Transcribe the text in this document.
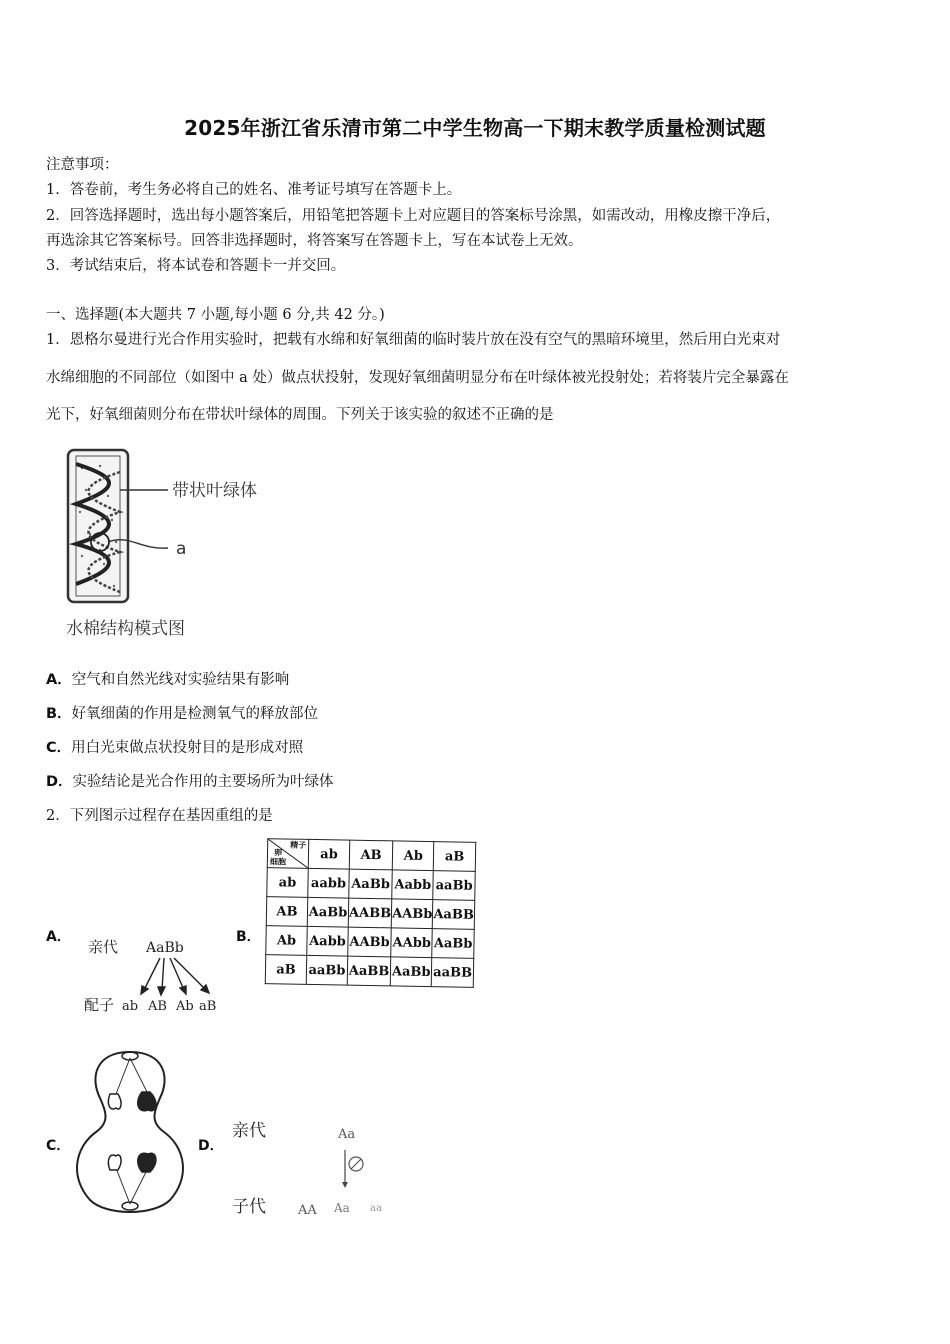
2025年浙江省乐清市第二中学生物高一下期末教学质量检测试题
注意事项：
1．答卷前，考生务必将自己的姓名、准考证号填写在答题卡上。
2．回答选择题时，选出每小题答案后，用铅笔把答题卡上对应题目的答案标号涂黑，如需改动，用橡皮擦干净后，
再选涂其它答案标号。回答非选择题时，将答案写在答题卡上，写在本试卷上无效。
3．考试结束后，将本试卷和答题卡一并交回。
一、选择题(本大题共 7 小题,每小题 6 分,共 42 分。)
1．恩格尔曼进行光合作用实验时，把载有水绵和好氧细菌的临时装片放在没有空气的黑暗环境里，然后用白光束对
水绵细胞的不同部位（如图中 a 处）做点状投射，发现好氧细菌明显分布在叶绿体被光投射处；若将装片完全暴露在
光下，好氧细菌则分布在带状叶绿体的周围。下列关于该实验的叙述不正确的是
带状叶绿体
a
水棉结构模式图
A．空气和自然光线对实验结果有影响
B．好氧细菌的作用是检测氧气的释放部位
C．用白光束做点状投射目的是形成对照
D．实验结论是光合作用的主要场所为叶绿体
2．下列图示过程存在基因重组的是
A．
亲代 AaBb
配子 ab AB Ab aB
B．
精子
卵
细胞	ab	AB	Ab	aB
ab	aabb	AaBb	Aabb	aaBb
AB	AaBb	AABB	AABb	AaBB
Ab	Aabb	AABb	AAbb	AaBb
aB	aaBb	AaBB	AaBb	aaBB
C．	D．
亲代	Aa
子代 AA Aa aa
